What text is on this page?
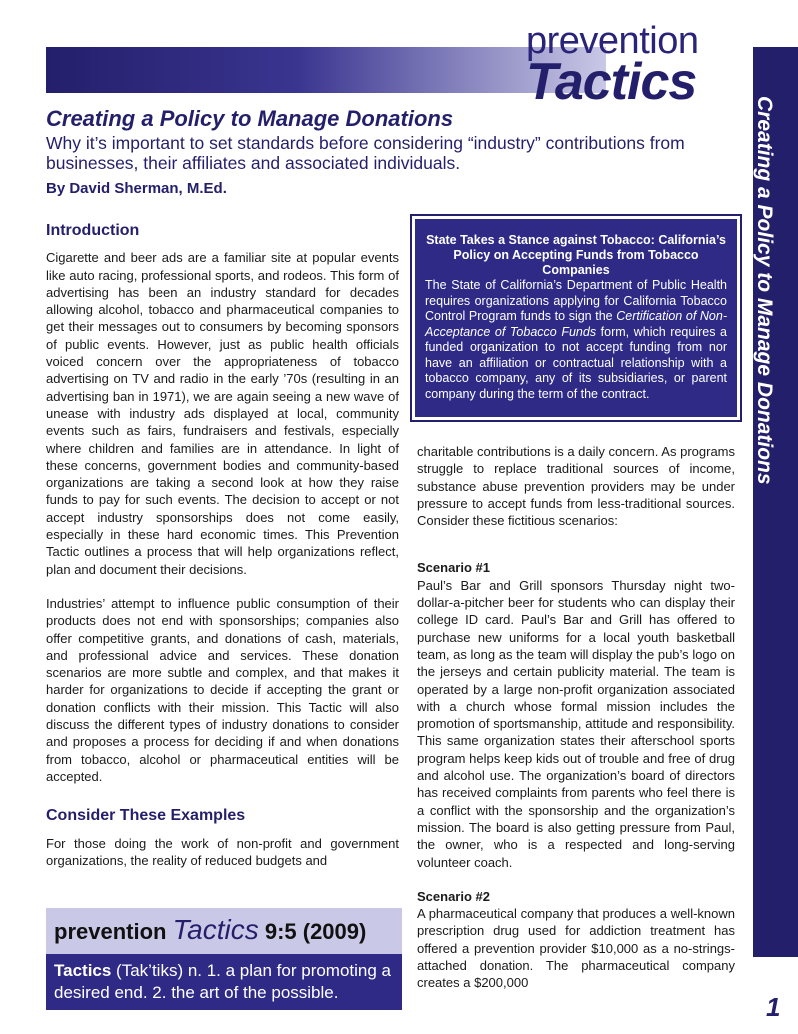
prevention
Tactics
Creating a Policy to Manage Donations
Creating a Policy to Manage Donations
Why it’s important to set standards before considering “industry” contributions from businesses, their affiliates and associated individuals.
By David Sherman, M.Ed.
Introduction

Cigarette and beer ads are a familiar site at popular events like auto racing, professional sports, and rodeos. This form of advertising has been an industry standard for decades allowing alcohol, tobacco and pharmaceutical companies to get their messages out to consumers by becoming sponsors of public events. However, just as public health officials voiced concern over the appropriateness of tobacco advertising on TV and radio in the early ’70s (resulting in an advertising ban in 1971), we are again seeing a new wave of unease with industry ads displayed at local, community events such as fairs, fundraisers and festivals, especially where children and families are in attendance. In light of these concerns, government bodies and community-based organizations are taking a second look at how they raise funds to pay for such events. The decision to accept or not accept industry sponsorships does not come easily, especially in these hard economic times. This Prevention Tactic outlines a process that will help organizations reflect, plan and document their decisions.

Industries’ attempt to influence public consumption of their products does not end with sponsorships; companies also offer competitive grants, and donations of cash, materials, and professional advice and services. These donation scenarios are more subtle and complex, and that makes it harder for organizations to decide if accepting the grant or donation conflicts with their mission. This Tactic will also discuss the different types of industry donations to consider and proposes a process for deciding if and when donations from tobacco, alcohol or pharmaceutical entities will be accepted.

Consider These Examples

For those doing the work of non-profit and government organizations, the reality of reduced budgets and

State Takes a Stance against Tobacco: California’s Policy on Accepting Funds from Tobacco Companies
The State of California’s Department of Public Health requires organizations applying for California Tobacco Control Program funds to sign the Certification of Non-Acceptance of Tobacco Funds form, which requires a funded organization to not accept funding from nor have an affiliation or contractual relationship with a tobacco company, any of its subsidiaries, or parent company during the term of the contract.

charitable contributions is a daily concern. As programs struggle to replace traditional sources of income, substance abuse prevention providers may be under pressure to accept funds from less-traditional sources. Consider these fictitious scenarios:

Scenario #1

Paul’s Bar and Grill sponsors Thursday night two-dollar-a-pitcher beer for students who can display their college ID card. Paul’s Bar and Grill has offered to purchase new uniforms for a local youth basketball team, as long as the team will display the pub’s logo on the jerseys and certain publicity material. The team is operated by a large non-profit organization associated with a church whose formal mission includes the promotion of sportsmanship, attitude and responsibility. This same organization states their afterschool sports program helps keep kids out of trouble and free of drug and alcohol use. The organization’s board of directors has received complaints from parents who feel there is a conflict with the sponsorship and the organization’s mission. The board is also getting pressure from Paul, the owner, who is a respected and long-serving volunteer coach.

Scenario #2

A pharmaceutical company that produces a well-known prescription drug used for addiction treatment has offered a prevention provider $10,000 as a no-strings-attached donation. The pharmaceutical company creates a $200,000

prevention Tactics 9:5 (2009)
Tactics (Tak’tiks) n. 1. a plan for promoting a desired end. 2. the art of the possible.	1
